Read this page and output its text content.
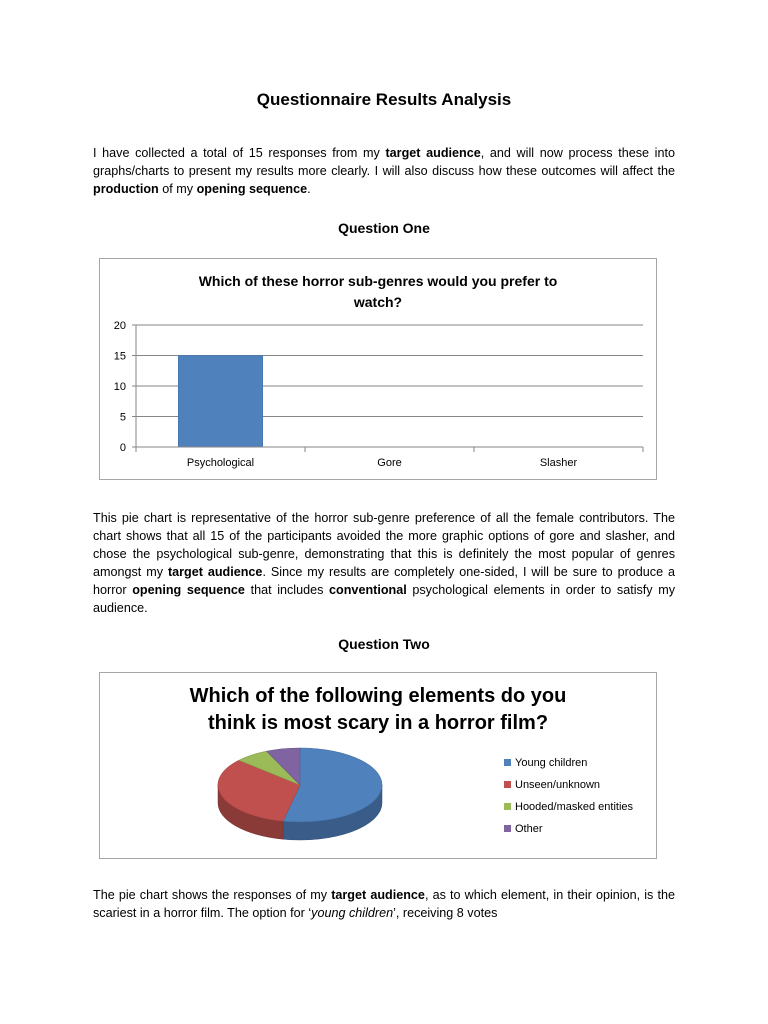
Questionnaire Results Analysis
I have collected a total of 15 responses from my target audience, and will now process these into graphs/charts to present my results more clearly. I will also discuss how these outcomes will affect the production of my opening sequence.
Question One
Which of these horror sub-genres would you prefer to watch?
0
5
10
15
20
Psychological	Gore	Slasher
This pie chart is representative of the horror sub-genre preference of all the female contributors. The chart shows that all 15 of the participants avoided the more graphic options of gore and slasher, and chose the psychological sub-genre, demonstrating that this is definitely the most popular of genres amongst my target audience. Since my results are completely one-sided, I will be sure to produce a horror opening sequence that includes conventional psychological elements in order to satisfy my audience.
Question Two
Which of the following elements do you think is most scary in a horror film?
Young children
Unseen/unknown
Hooded/masked entities
Other
The pie chart shows the responses of my target audience, as to which element, in their opinion, is the scariest in a horror film. The option for ‘young children’, receiving 8 votes
